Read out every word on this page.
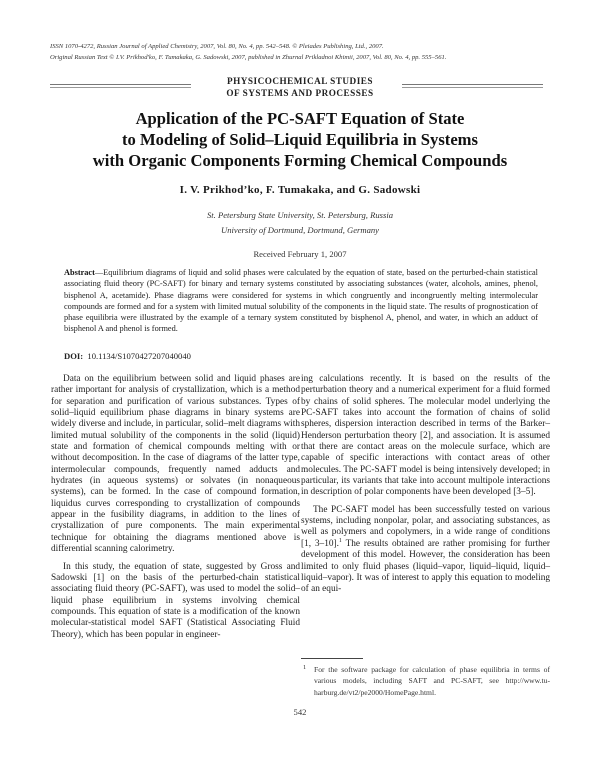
ISSN 1070-4272, Russian Journal of Applied Chemistry, 2007, Vol. 80, No. 4, pp. 542–548. © Pleiades Publishing, Ltd., 2007.
Original Russian Text © I.V. Prikhod'ko, F. Tumakaka, G. Sadowski, 2007, published in Zhurnal Prikladnoi Khimii, 2007, Vol. 80, No. 4, pp. 555–561.
PHYSICOCHEMICAL STUDIES
OF SYSTEMS AND PROCESSES
Application of the PC-SAFT Equation of State
to Modeling of Solid–Liquid Equilibria in Systems
with Organic Components Forming Chemical Compounds
I. V. Prikhod’ko, F. Tumakaka, and G. Sadowski
St. Petersburg State University, St. Petersburg, Russia
University of Dortmund, Dortmund, Germany
Received February 1, 2007
Abstract—Equilibrium diagrams of liquid and solid phases were calculated by the equation of state, based on the perturbed-chain statistical associating fluid theory (PC-SAFT) for binary and ternary systems constituted by associating substances (water, alcohols, amines, phenol, bisphenol A, acetamide). Phase diagrams were considered for systems in which congruently and incongruently melting intermolecular compounds are formed and for a system with limited mutual solubility of the components in the liquid state. The results of prognostication of phase equilibria were illustrated by the example of a ternary system constituted by bisphenol A, phenol, and water, in which an adduct of bisphenol A and phenol is formed.
DOI: 10.1134/S1070427207040040

Data on the equilibrium between solid and liquid phases are rather important for analysis of crystallization, which is a method for separation and purification of various substances. Types of solid–liquid equilibrium phase diagrams in binary systems are widely diverse and include, in particular, solid–melt diagrams with limited mutual solubility of the components in the solid (liquid) state and formation of chemical compounds melting with or without decomposition. In the case of diagrams of the latter type, intermolecular compounds, frequently named adducts and hydrates (in aqueous systems) or solvates (in nonaqueous systems), can be formed. In the case of compound formation, liquidus curves corresponding to crystallization of compounds appear in the fusibility diagrams, in addition to the lines of crystallization of pure components. The main experimental technique for obtaining the diagrams mentioned above is differential scanning calorimetry.

In this study, the equation of state, suggested by Gross and Sadowski [1] on the basis of the perturbed-chain statistical associating fluid theory (PC-SAFT), was used to model the solid–liquid phase equilibrium in systems involving chemical compounds. This equation of state is a modification of the known molecular-statistical model SAFT (Statistical Associating Fluid Theory), which has been popular in engineer-

ing calculations recently. It is based on the results of the perturbation theory and a numerical experiment for a fluid formed by chains of solid spheres. The molecular model underlying the PC-SAFT takes into account the formation of chains of solid spheres, dispersion interaction described in terms of the Barker–Henderson perturbation theory [2], and association. It is assumed that there are contact areas on the molecule surface, which are capable of specific interactions with contact areas of other molecules. The PC-SAFT model is being intensively developed; in particular, its variants that take into account multipole interactions in description of polar components have been developed [3–5].

The PC-SAFT model has been successfully tested on various systems, including nonpolar, polar, and associating substances, as well as polymers and copolymers, in a wide range of conditions [1, 3–10].$^1$ The results obtained are rather promising for further development of this model. However, the consideration has been limited to only fluid phases (liquid–vapor, liquid–liquid, liquid–liquid–vapor). It was of interest to apply this equation to modeling of an equi-

1	For the software package for calculation of phase equilibria in terms of various models, including SAFT and PC-SAFT, see http://www.tu-harburg.de/vt2/pe2000/HomePage.html.
542
